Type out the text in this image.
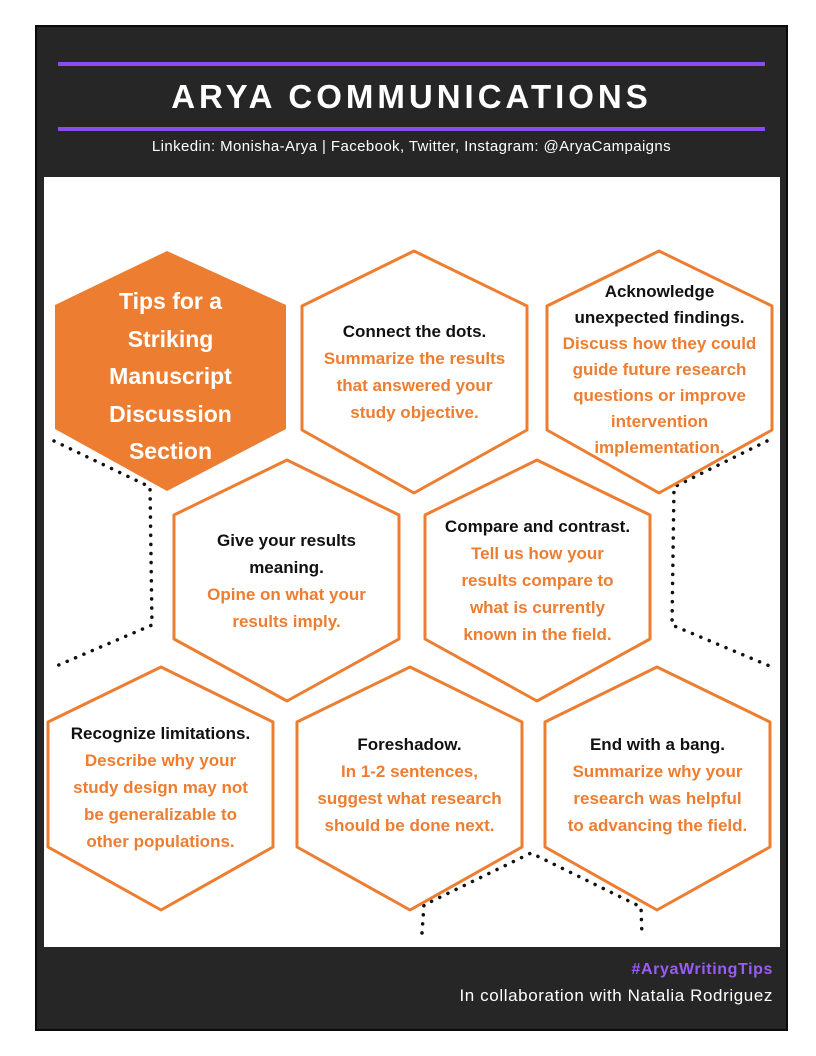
ARYA COMMUNICATIONS
Linkedin: Monisha-Arya | Facebook, Twitter, Instagram: @AryaCampaigns
Tips for a
Striking
Manuscript
Discussion
Section
Connect the dots.
Summarize the results
that answered your
study objective.
Acknowledge
unexpected findings.
Discuss how they could
guide future research
questions or improve
intervention
implementation.
Give your results
meaning.
Opine on what your
results imply.
Compare and contrast.
Tell us how your
results compare to
what is currently
known in the field.
Recognize limitations.
Describe why your
study design may not
be generalizable to
other populations.
Foreshadow.
In 1-2 sentences,
suggest what research
should be done next.
End with a bang.
Summarize why your
research was helpful
to advancing the field.
#AryaWritingTips
In collaboration with Natalia Rodriguez
